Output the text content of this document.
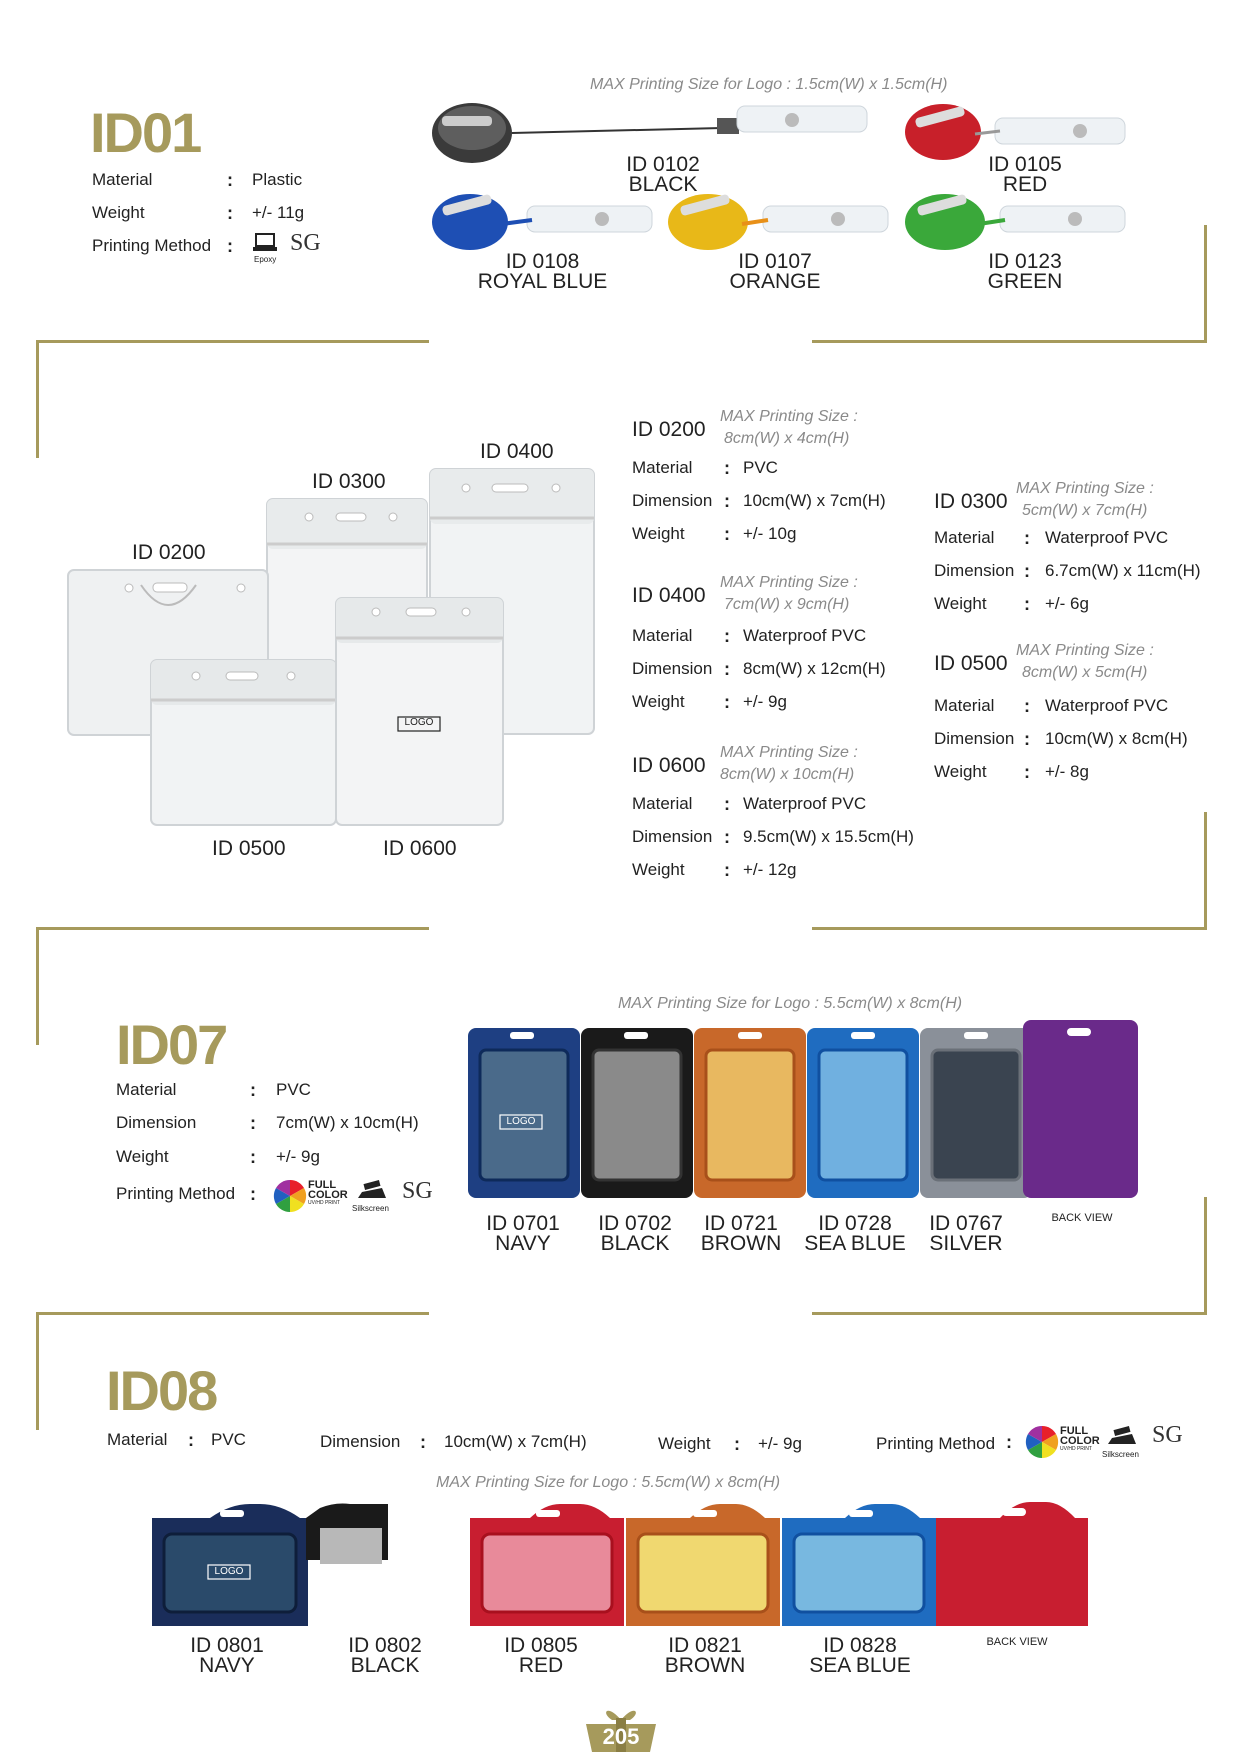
ID01
MAX Printing Size for Logo : 1.5cm(W) x 1.5cm(H)
Material	: Plastic
Weight	: +/- 11g
Printing Method :
Epoxy
SG
ID 0102
BLACK
ID 0105
RED
ID 0108
ROYAL BLUE
ID 0107
ORANGE
ID 0123
GREEN
LOGO
ID 0400
ID 0300
ID 0200
ID 0500	ID 0600
ID 0200
MAX Printing Size :
8cm(W) x 4cm(H)
Material : PVC
Dimension : 10cm(W) x 7cm(H)
Weight : +/- 10g
ID 0400
MAX Printing Size :
7cm(W) x 9cm(H)
Material : Waterproof PVC
Dimension : 8cm(W) x 12cm(H)
Weight : +/- 9g
ID 0600
MAX Printing Size :
8cm(W) x 10cm(H)
Material : Waterproof PVC
Dimension : 9.5cm(W) x 15.5cm(H)
Weight : +/- 12g
ID 0300
MAX Printing Size :
5cm(W) x 7cm(H)
Material : Waterproof PVC
Dimension : 6.7cm(W) x 11cm(H)
Weight : +/- 6g
ID 0500
MAX Printing Size :
8cm(W) x 5cm(H)
Material : Waterproof PVC
Dimension : 10cm(W) x 8cm(H)
Weight : +/- 8g
ID07
MAX Printing Size for Logo : 5.5cm(W) x 8cm(H)
Material	: PVC
Dimension	: 7cm(W) x 10cm(H)
Weight	: +/- 9g
Printing Method :	FULL
COLOR
UV/HD PRINT
Silkscreen
SG
LOGO
BACK VIEW
ID 0701
NAVY
ID 0702
BLACK
ID 0721
BROWN
ID 0728
SEA BLUE
ID 0767
SILVER
ID08
Material : PVC	Dimension : 10cm(W) x 7cm(H)	Weight : +/- 9g	Printing Method :
FULL
COLOR
UV/HD PRINT
Silkscreen
SG
MAX Printing Size for Logo : 5.5cm(W) x 8cm(H)
LOGO
BACK VIEW
ID 0801
NAVY
ID 0802
BLACK
ID 0805
RED
ID 0821
BROWN
ID 0828
SEA BLUE
205
